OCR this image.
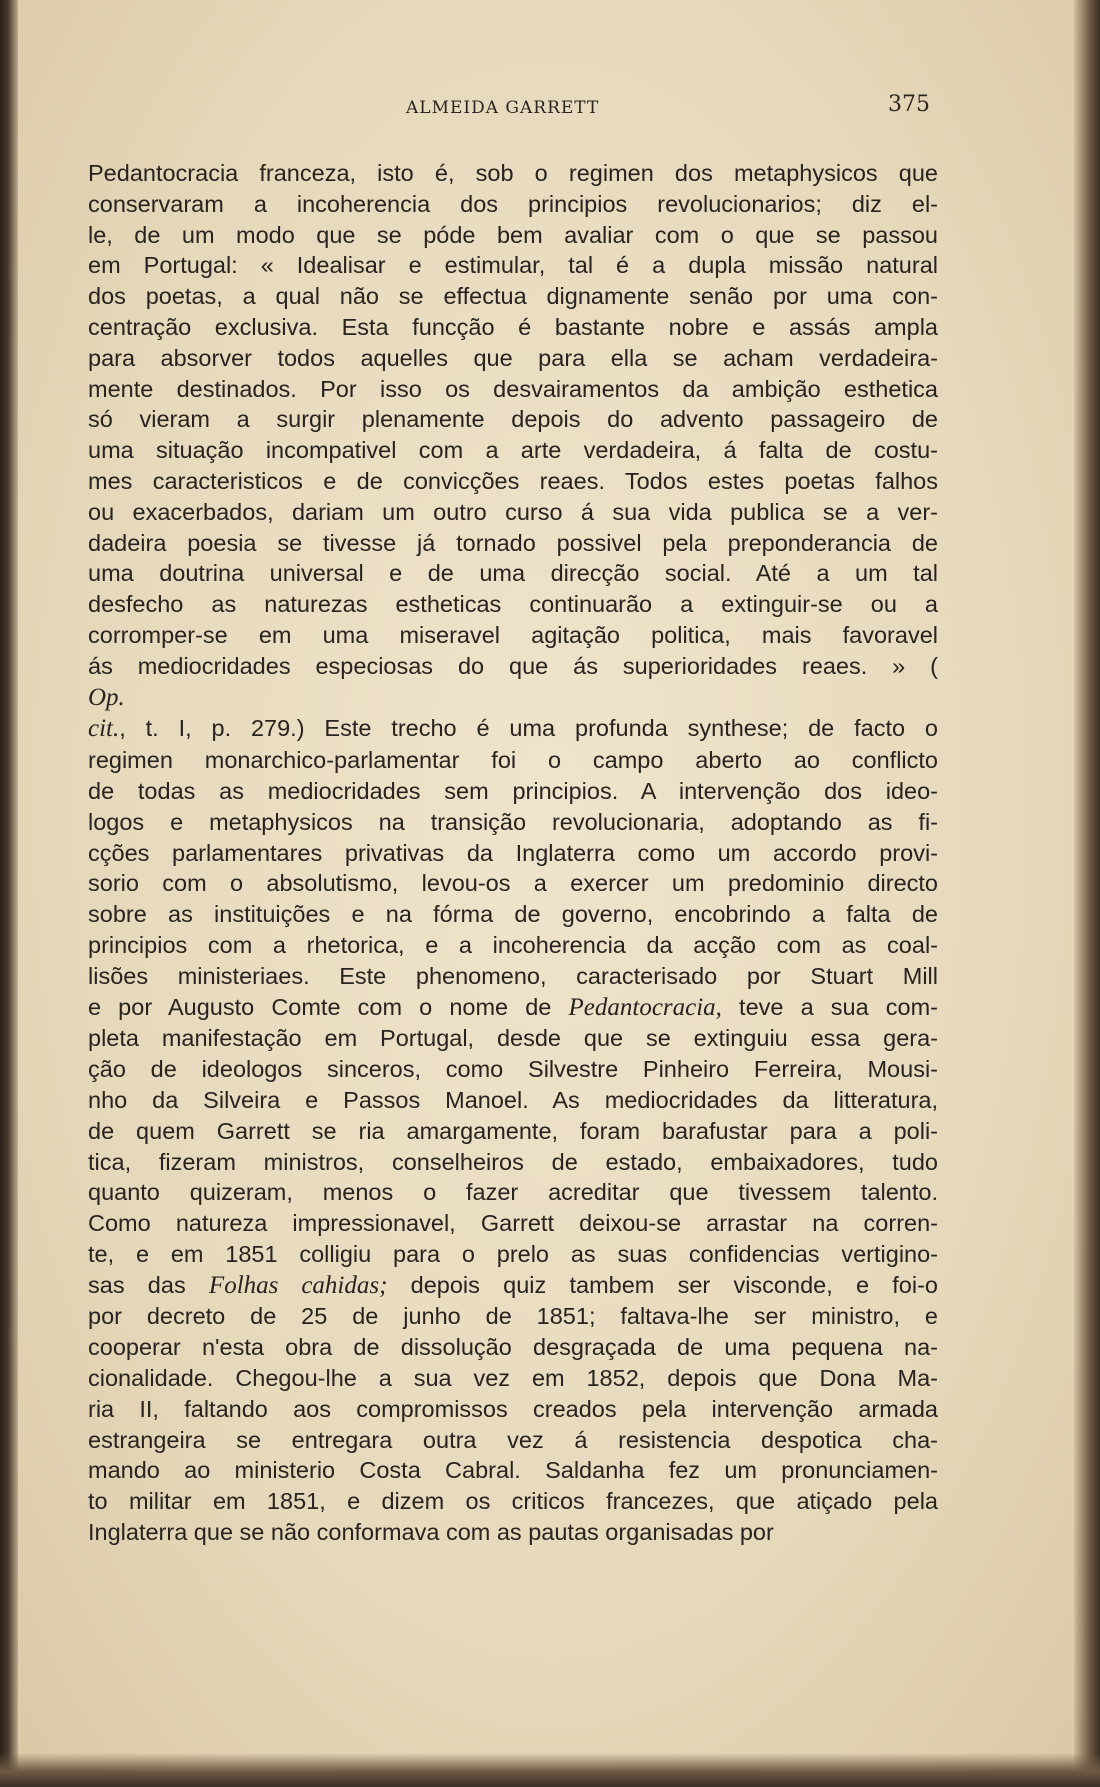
ALMEIDA GARRETT	375
Pedantocracia franceza, isto é, sob o regimen dos metaphysicos que
conservaram a incoherencia dos principios revolucionarios; diz el-
le, de um modo que se póde bem avaliar com o que se passou
em Portugal: « Idealisar e estimular, tal é a dupla missão natural
dos poetas, a qual não se effectua dignamente senão por uma con-
centração exclusiva. Esta funcção é bastante nobre e assás ampla
para absorver todos aquelles que para ella se acham verdadeira-
mente destinados. Por isso os desvairamentos da ambição esthetica
só vieram a surgir plenamente depois do advento passageiro de
uma situação incompativel com a arte verdadeira, á falta de costu-
mes caracteristicos e de convicções reaes. Todos estes poetas falhos
ou exacerbados, dariam um outro curso á sua vida publica se a ver-
dadeira poesia se tivesse já tornado possivel pela preponderancia de
uma doutrina universal e de uma direcção social. Até a um tal
desfecho as naturezas estheticas continuarão a extinguir-se ou a
corromper-se em uma miseravel agitação politica, mais favoravel
ás mediocridades especiosas do que ás superioridades reaes. » (
Op.
cit., t. I, p. 279.) Este trecho é uma profunda synthese; de facto o
regimen monarchico-parlamentar foi o campo aberto ao conflicto
de todas as mediocridades sem principios. A intervenção dos ideo-
logos e metaphysicos na transição revolucionaria, adoptando as fi-
cções parlamentares privativas da Inglaterra como um accordo provi-
sorio com o absolutismo, levou-os a exercer um predominio directo
sobre as instituições e na fórma de governo, encobrindo a falta de
principios com a rhetorica, e a incoherencia da acção com as coal-
lisões ministeriaes. Este phenomeno, caracterisado por Stuart Mill
e por Augusto Comte com o nome de Pedantocracia, teve a sua com-
pleta manifestação em Portugal, desde que se extinguiu essa gera-
ção de ideologos sinceros, como Silvestre Pinheiro Ferreira, Mousi-
nho da Silveira e Passos Manoel. As mediocridades da litteratura,
de quem Garrett se ria amargamente, foram barafustar para a poli-
tica, fizeram ministros, conselheiros de estado, embaixadores, tudo
quanto quizeram, menos o fazer acreditar que tivessem talento.
Como natureza impressionavel, Garrett deixou-se arrastar na corren-
te, e em 1851 colligiu para o prelo as suas confidencias vertigino-
sas das Folhas cahidas; depois quiz tambem ser visconde, e foi-o
por decreto de 25 de junho de 1851; faltava-lhe ser ministro, e
cooperar n'esta obra de dissolução desgraçada de uma pequena na-
cionalidade. Chegou-lhe a sua vez em 1852, depois que Dona Ma-
ria II, faltando aos compromissos creados pela intervenção armada
estrangeira se entregara outra vez á resistencia despotica cha-
mando ao ministerio Costa Cabral. Saldanha fez um pronunciamen-
to militar em 1851, e dizem os criticos francezes, que atiçado pela
Inglaterra que se não conformava com as pautas organisadas por
